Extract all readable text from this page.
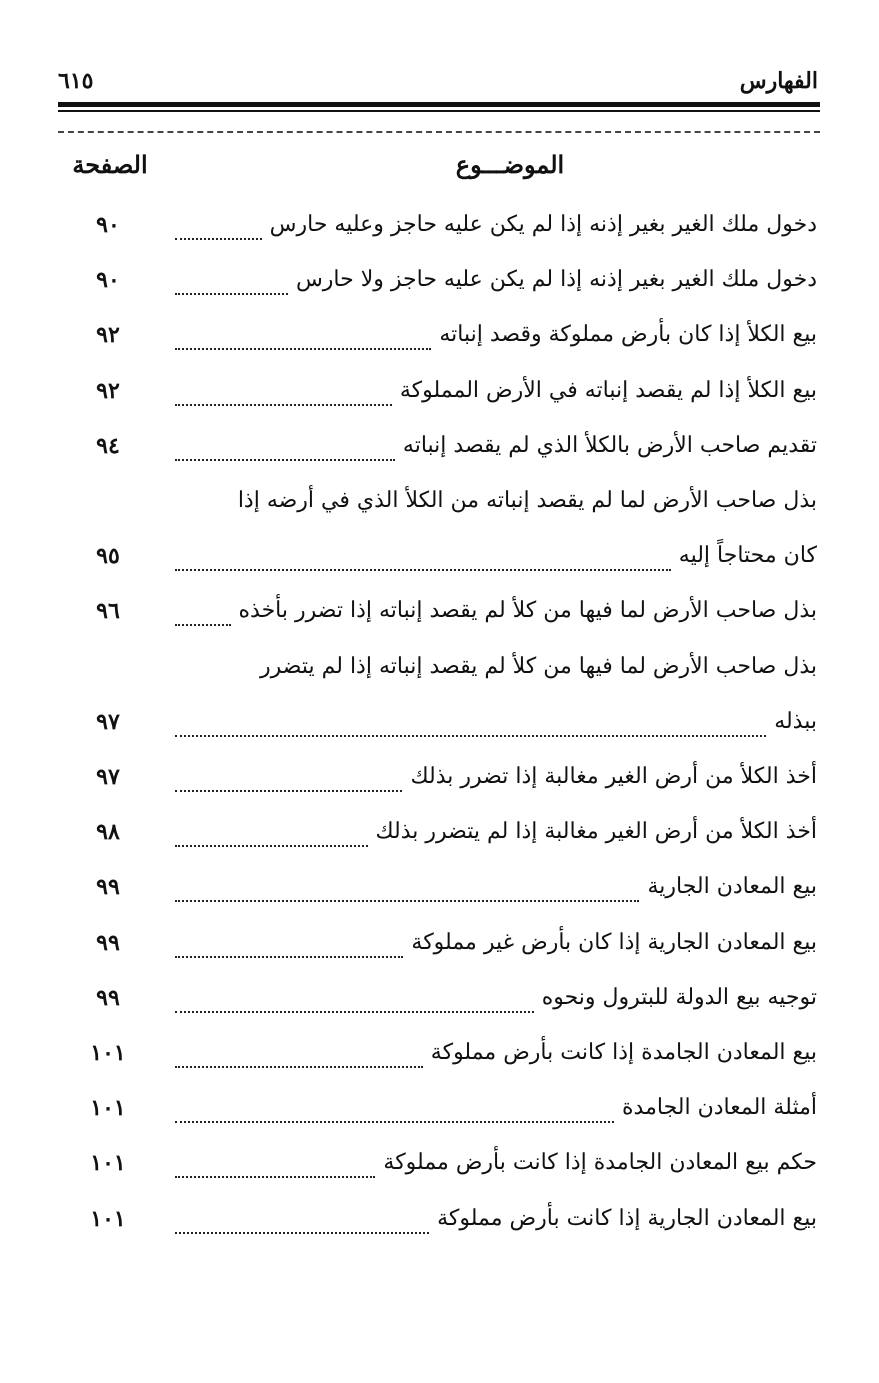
الفهارس
٦١٥
الموضـــوع
الصفحة
دخول ملك الغير بغير إذنه إذا لم يكن عليه حاجز وعليه حارس
٩٠
دخول ملك الغير بغير إذنه إذا لم يكن عليه حاجز ولا حارس
٩٠
بيع الكلأ إذا كان بأرض مملوكة وقصد إنباته
٩٢
بيع الكلأ إذا لم يقصد إنباته في الأرض المملوكة
٩٢
تقديم صاحب الأرض بالكلأ الذي لم يقصد إنباته
٩٤
بذل صاحب الأرض لما لم يقصد إنباته من الكلأ الذي في أرضه إذا
كان محتاجاً إليه
٩٥
بذل صاحب الأرض لما فيها من كلأ لم يقصد إنباته إذا تضرر بأخذه
٩٦
بذل صاحب الأرض لما فيها من كلأ لم يقصد إنباته إذا لم يتضرر
ببذله
٩٧
أخذ الكلأ من أرض الغير مغالبة إذا تضرر بذلك
٩٧
أخذ الكلأ من أرض الغير مغالبة إذا لم يتضرر بذلك
٩٨
بيع المعادن الجارية
٩٩
بيع المعادن الجارية إذا كان بأرض غير مملوكة
٩٩
توجيه بيع الدولة للبترول ونحوه
٩٩
بيع المعادن الجامدة إذا كانت بأرض مملوكة
١٠١
أمثلة المعادن الجامدة
١٠١
حكم بيع المعادن الجامدة إذا كانت بأرض مملوكة
١٠١
بيع المعادن الجارية إذا كانت بأرض مملوكة
١٠١
